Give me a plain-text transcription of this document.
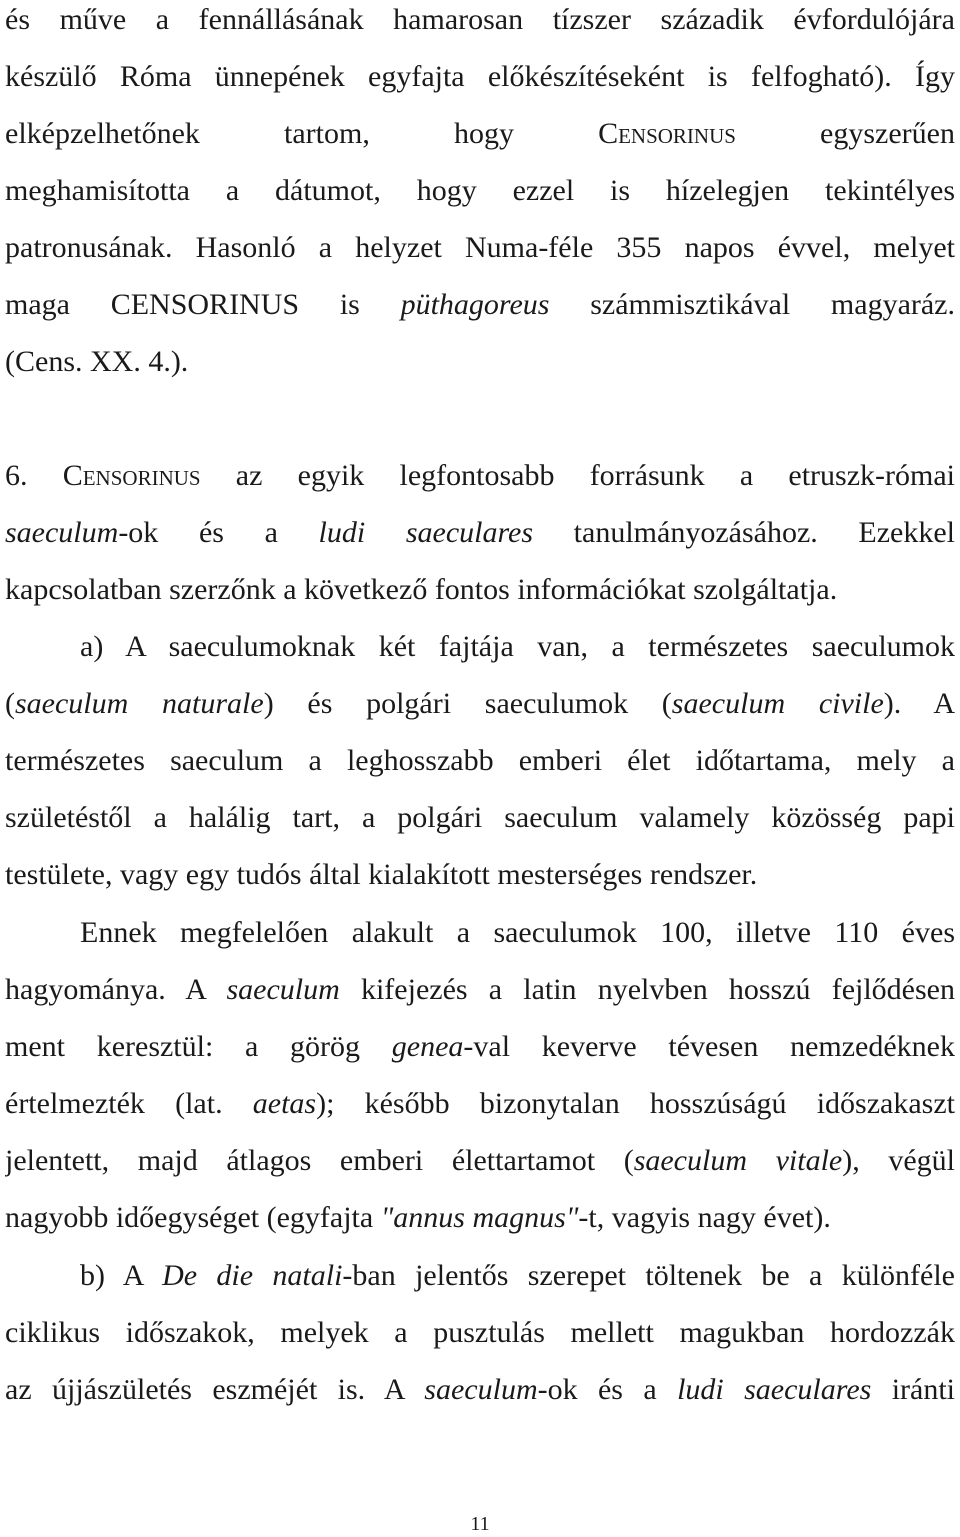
és műve a fennállásának hamarosan tízszer századik évfordulójára
készülő Róma ünnepének egyfajta előkészítéseként is felfogható). Így
elképzelhetőnek tartom, hogy Censorinus egyszerűen
meghamisította a dátumot, hogy ezzel is hízelegjen tekintélyes
patronusának. Hasonló a helyzet Numa-féle 355 napos évvel, melyet
maga CENSORINUS is püthagoreus számmisztikával magyaráz.
(Cens. XX. 4.).
6. Censorinus az egyik legfontosabb forrásunk a etruszk-római
saeculum-ok és a ludi saeculares tanulmányozásához. Ezekkel
kapcsolatban szerzőnk a következő fontos információkat szolgáltatja.
a) A saeculumoknak két fajtája van, a természetes saeculumok
(saeculum naturale) és polgári saeculumok (saeculum civile). A
természetes saeculum a leghosszabb emberi élet időtartama, mely a
születéstől a halálig tart, a polgári saeculum valamely közösség papi
testülete, vagy egy tudós által kialakított mesterséges rendszer.
Ennek megfelelően alakult a saeculumok 100, illetve 110 éves
hagyománya. A saeculum kifejezés a latin nyelvben hosszú fejlődésen
ment keresztül: a görög genea-val keverve tévesen nemzedéknek
értelmezték (lat. aetas); később bizonytalan hosszúságú időszakaszt
jelentett, majd átlagos emberi élettartamot (saeculum vitale), végül
nagyobb időegységet (egyfajta "annus magnus"-t, vagyis nagy évet).
b) A De die natali-ban jelentős szerepet töltenek be a különféle
ciklikus időszakok, melyek a pusztulás mellett magukban hordozzák
az újjászületés eszméjét is. A saeculum-ok és a ludi saeculares iránti
11
